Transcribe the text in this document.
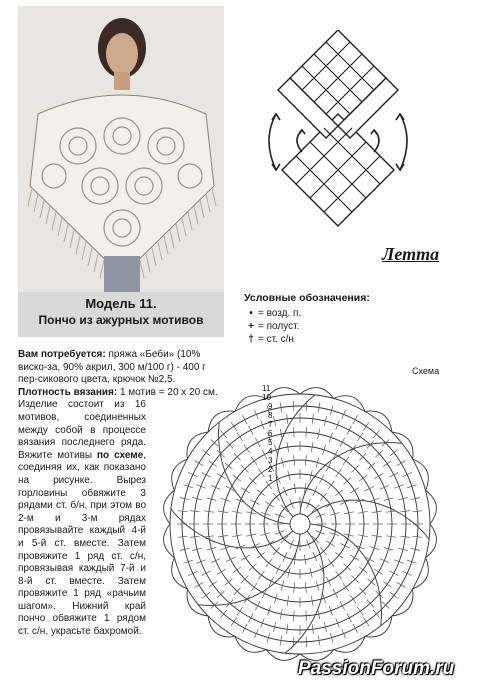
Модель 11.
Пончо из ажурных мотивов

Вам потребуется: пряжа «Беби» (10% виско-за, 90% акрил, 300 м/100 г) - 400 г пер-сикового цвета, крючок №2,5.

Плотность вязания: 1 мотив = 20 х 20 см.

Изделие состоит из 16 мотивов, соединенных между собой в процессе вязания последнего ряда. Вяжите мотивы по схеме, соединяя их, как показано на рисунке. Вырез горловины обвяжите 3 рядами ст. б/н, при этом во 2-м и 3-м рядах провязывайте каждый 4-й и 5-й ст. вместе. Затем провяжите 1 ряд ст. с/н, провязывая каждый 7-й и 8-й ст. вместе. Затем провяжите 1 ряд «рачьим шагом». Нижний край пончо обвяжите 1 рядом ст. с/н, украсьте бахромой.

Летта
Условные обозначения:
• = возд. п.
+ = полуст.
† = ст. с/н
Схема
11
10
9
8
7
6
5
4
3
2
1
PassionForum.ru
